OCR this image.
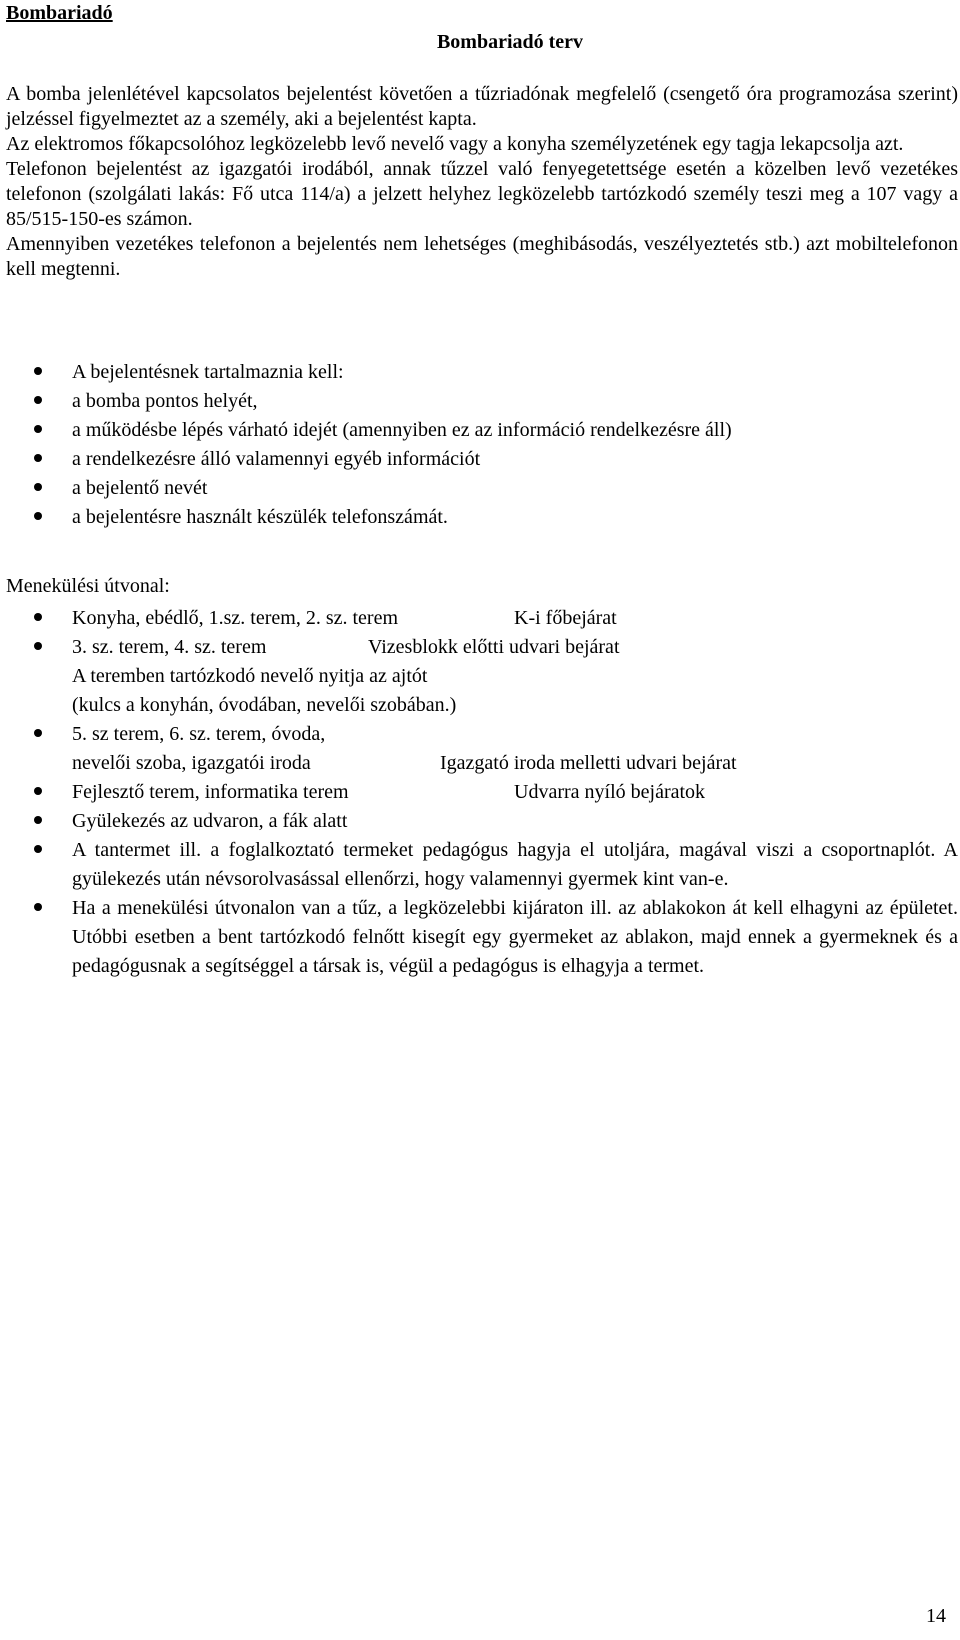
Bombariadó
Bombariadó terv

A bomba jelenlétével kapcsolatos bejelentést követően a tűzriadónak megfelelő (csengető óra programozása szerint) jelzéssel figyelmeztet az a személy, aki a bejelentést kapta.

Az elektromos főkapcsolóhoz legközelebb levő nevelő vagy a konyha személyzetének egy tagja lekapcsolja azt.

Telefonon bejelentést az igazgatói irodából, annak tűzzel való fenyegetettsége esetén a közelben levő vezetékes telefonon (szolgálati lakás: Fő utca 114/a) a jelzett helyhez legközelebb tartózkodó személy teszi meg a 107 vagy a 85/515-150-es számon.

Amennyiben vezetékes telefonon a bejelentés nem lehetséges (meghibásodás, veszélyeztetés stb.) azt mobiltelefonon kell megtenni.

A bejelentésnek tartalmaznia kell:
a bomba pontos helyét,
a működésbe lépés várható idejét (amennyiben ez az információ rendelkezésre áll)
a rendelkezésre álló valamennyi egyéb információt
a bejelentő nevét
a bejelentésre használt készülék telefonszámát.
Menekülési útvonal:
Konyha, ebédlő, 1.sz. terem, 2. sz. terem	K-i főbejárat
3. sz. terem, 4. sz. terem	Vizesblokk előtti udvari bejárat
A teremben tartózkodó nevelő nyitja az ajtót
(kulcs a konyhán, óvodában, nevelői szobában.)
5. sz terem, 6. sz. terem, óvoda,
nevelői szoba, igazgatói iroda	Igazgató iroda melletti udvari bejárat
Fejlesztő terem, informatika terem	Udvarra nyíló bejáratok
Gyülekezés az udvaron, a fák alatt
A tantermet ill. a foglalkoztató termeket pedagógus hagyja el utoljára, magával viszi a csoportnaplót. A gyülekezés után névsorolvasással ellenőrzi, hogy valamennyi gyermek kint van-e.
Ha a menekülési útvonalon van a tűz, a legközelebbi kijáraton ill. az ablakokon át kell elhagyni az épületet. Utóbbi esetben a bent tartózkodó felnőtt kisegít egy gyermeket az ablakon, majd ennek a gyermeknek és a pedagógusnak a segítséggel a társak is, végül a pedagógus is elhagyja a termet.
14
